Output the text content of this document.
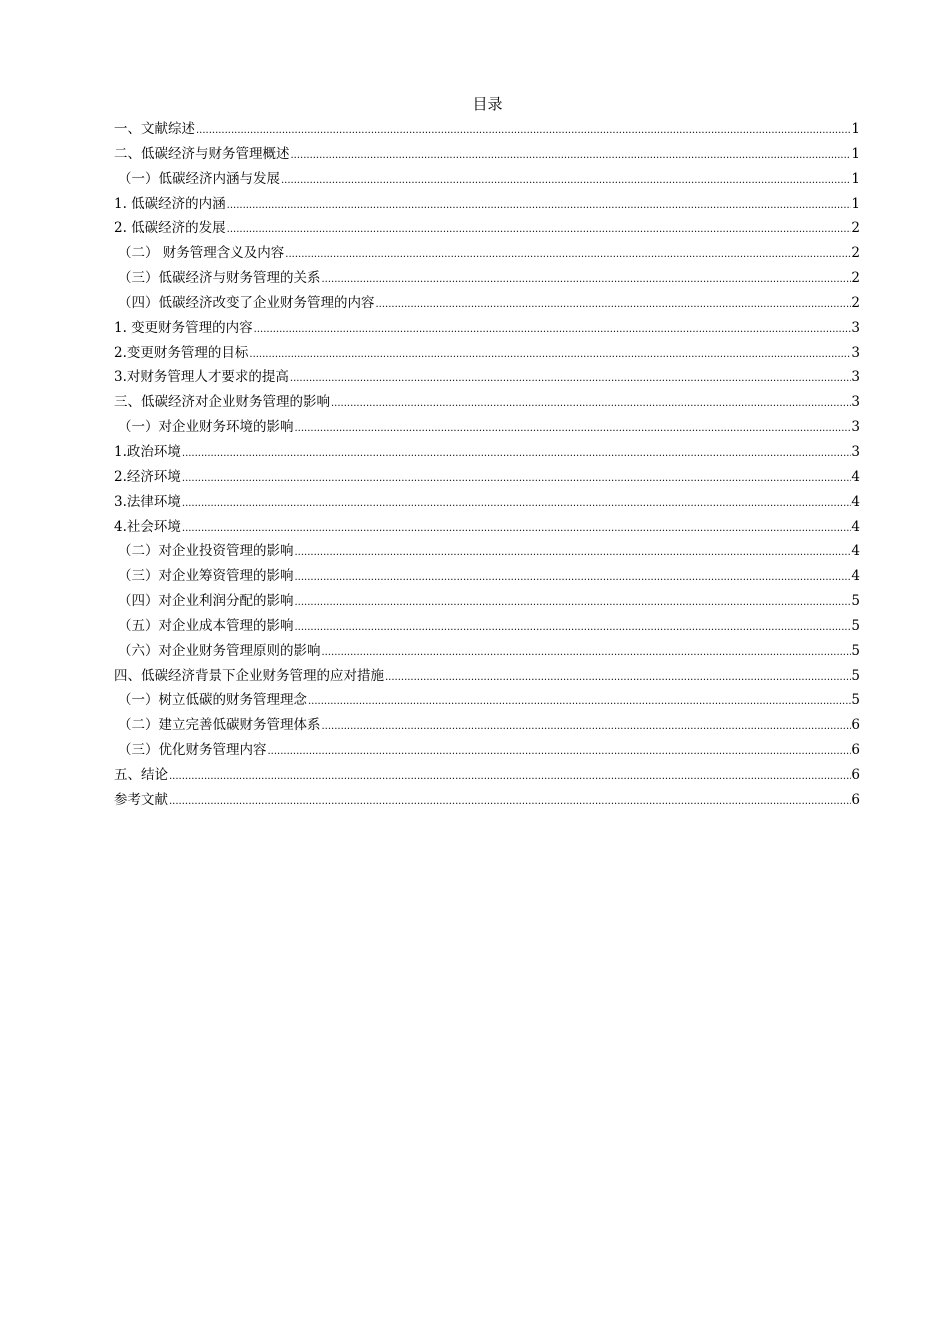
目录
一、文献综述 .....	1
二、低碳经济与财务管理概述 .....	1
（一）低碳经济内涵与发展 .....	1
1. 低碳经济的内涵 .....	1
2. 低碳经济的发展 .....	2
（二） 财务管理含义及内容 .....	2
（三）低碳经济与财务管理的关系 .....	2
（四）低碳经济改变了企业财务管理的内容 .....	2
1. 变更财务管理的内容 .....	3
2.变更财务管理的目标 .....	3
3.对财务管理人才要求的提高 .....	3
三、低碳经济对企业财务管理的影响 .....	3
（一）对企业财务环境的影响 .....	3
1.政治环境 .....	3
2.经济环境 .....	4
3.法律环境 .....	4
4.社会环境 .....	4
（二）对企业投资管理的影响 .....	4
（三）对企业筹资管理的影响 .....	4
（四）对企业利润分配的影响 .....	5
（五）对企业成本管理的影响 .....	5
（六）对企业财务管理原则的影响 .....	5
四、低碳经济背景下企业财务管理的应对措施 .....	5
（一）树立低碳的财务管理理念 .....	5
（二）建立完善低碳财务管理体系 .....	6
（三）优化财务管理内容 .....	6
五、结论 .....	6
参考文献 .....	6
